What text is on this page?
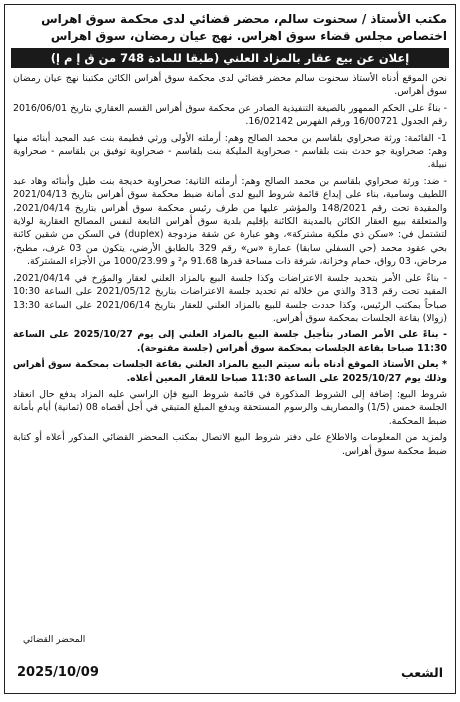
مكتب الأستاذ / سحنوت سالم، محضر قضائي لدى محكمة سوق اهراس
اختصاص مجلس قضاء سوق اهراس. نهج عيان رمضان، سوق اهراس
إعلان عن بيع عقار بالمزاد العلني (طبقا للمادة 748 من ق إ م إ)

نحن الموقع أدناه الأستاذ سحنوت سالم محضر قضائي لدى محكمة سوق أهراس الكائن مكتبنا نهج عيان رمضان سوق أهراس.

- بناءً على الحكم الممهور بالصيغة التنفيذية الصادر عن محكمة سوق أهراس القسم العقاري بتاريخ 2016/06/01 رقم الجدول 16/00721 ورقم الفهرس 16/02142.

1- القائمة: ورثة صحراوي بلقاسم بن محمد الصالح وهم: أرملته الأولى ورثي فطيمة بنت عبد المجيد أبنائه منها وهم: صحراوية جو حدث بنت بلقاسم - صحراوية المليكة بنت بلقاسم - صحراوية توفيق بن بلقاسم - صحراوية نبيلة.

- ضد: ورثة صحراوي بلقاسم بن محمد الصالح وهم: أرملته الثانية: صحراوية خديجة بنت طيل وأبنائه وهاد عبد اللطيف وسامية، بناء على إيداع قائمة شروط البيع لدى أمانة ضبط محكمة سوق أهراس بتاريخ 2021/04/13 والمقيدة تحت رقم 148/2021 والمؤشر عليها من طرف رئيس محكمة سوق أهراس بتاريخ 2021/04/14، والمتعلقة ببيع العقار الكائن بالمدينة الكائنة بإقليم بلدية سوق أهراس التابعة لنفس المصالح العقارية لولاية لتشتمل في: «سكن ذي ملكية مشتركة»، وهو عبارة عن شقة مزدوجة (duplex) في السكن من شقين كائنة بحي عقود محمد (حي السفلي سابقا) عمارة «س» رقم 329 بالطابق الأرضي، يتكون من 03 غرف، مطبخ، مرحاض، 03 رواق، حمام وخزانة، شرفة ذات مساحة قدرها 91.68 م² و 1000/23.99 من الأجزاء المشتركة.

- بناءً على الأمر بتحديد جلسة الاعتراضات وكذا جلسة البيع بالمزاد العلني لعقار والمؤرخ في 2021/04/14، المقيد تحت رقم 313 والذي من خلاله تم تحديد جلسة الاعتراضات بتاريخ 2021/05/12 على الساعة 10:30 صباحاً بمكتب الرئيس، وكذا حددت جلسة للبيع بالمزاد العلني للعقار بتاريخ 2021/06/14 على الساعة 13:30 (زوالا) بقاعة الجلسات بمحكمة سوق أهراس.

- بناءً على الأمر الصادر بتأجيل جلسة البيع بالمزاد العلني إلى يوم 2025/10/27 على الساعة 11:30 صباحا بقاعة الجلسات بمحكمة سوق أهراس (جلسة مفتوحة).

* يعلن الأستاذ الموقع أدناه بأنه سيتم البيع بالمزاد العلني بقاعة الجلسات بمحكمة سوق أهراس وذلك يوم 2025/10/27 على الساعة 11:30 صباحا للعقار المعين أعلاه.

شروط البيع: إضافة إلى الشروط المذكورة في قائمة شروط البيع فإن الراسي عليه المزاد يدفع حال انعقاد الجلسة خمس (1/5) والمصاريف والرسوم المستحقة ويدفع المبلغ المتبقي في أجل أقصاه 08 (ثمانية) أيام بأمانة ضبط المحكمة.

ولمزيد من المعلومات والاطلاع على دفتر شروط البيع الاتصال بمكتب المحضر القضائي المذكور أعلاه أو كتابة ضبط محكمة سوق أهراس.

المحضر القضائي
الشعب
2025/10/09
